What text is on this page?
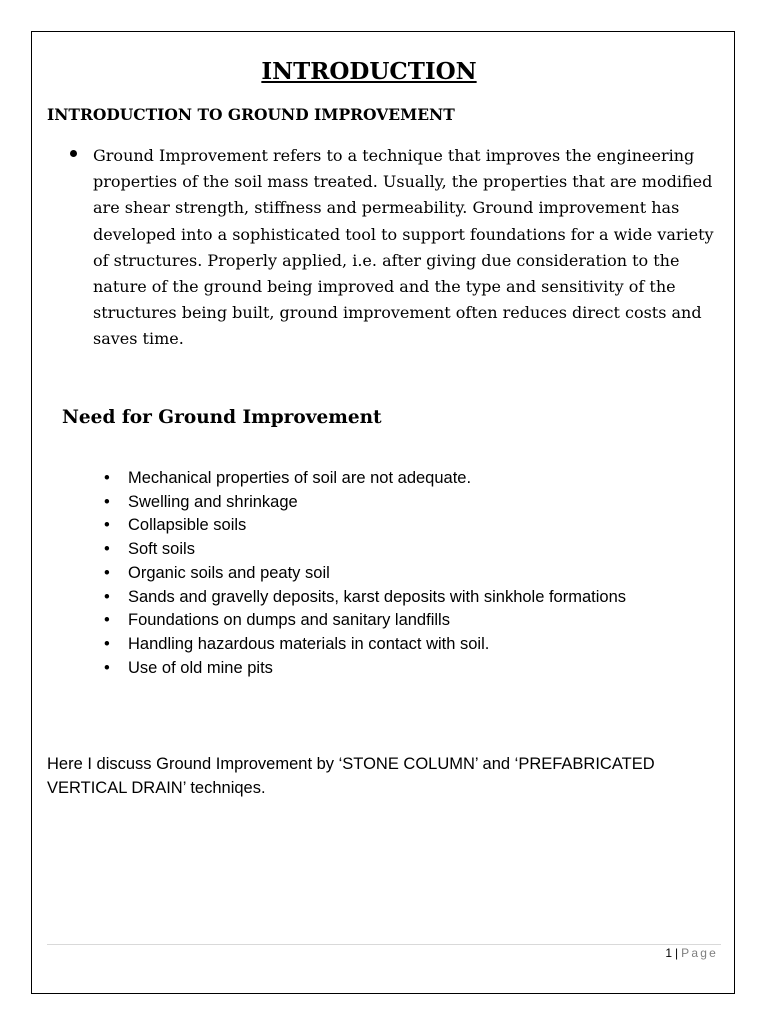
INTRODUCTION
INTRODUCTION TO GROUND IMPROVEMENT

Ground Improvement refers to a technique that improves the engineering properties of the soil mass treated. Usually, the properties that are modified are shear strength, stiffness and permeability. Ground improvement has developed into a sophisticated tool to support foundations for a wide variety of structures. Properly applied, i.e. after giving due consideration to the nature of the ground being improved and the type and sensitivity of the structures being built, ground improvement often reduces direct costs and saves time.

Need for Ground Improvement
• Mechanical properties of soil are not adequate.
• Swelling and shrinkage
• Collapsible soils
• Soft soils
• Organic soils and peaty soil
• Sands and gravelly deposits, karst deposits with sinkhole formations
• Foundations on dumps and sanitary landfills
• Handling hazardous materials in contact with soil.
• Use of old mine pits

Here I discuss Ground Improvement by ‘STONE COLUMN’ and ‘PREFABRICATED VERTICAL DRAIN’ techniqes.

1 | Page
